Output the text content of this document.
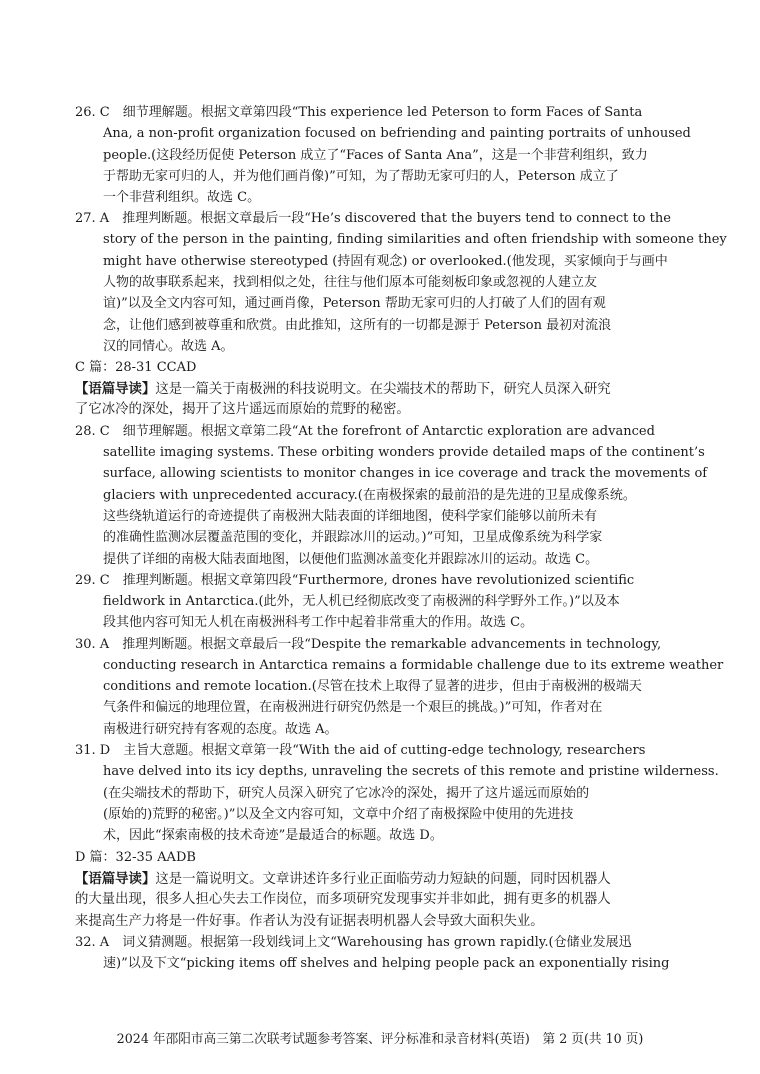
26. C　细节理解题。根据文章第四段“This experience led Peterson to form Faces of Santa
Ana, a non-profit organization focused on befriending and painting portraits of unhoused
people.(这段经历促使 Peterson 成立了“Faces of Santa Ana”，这是一个非营利组织，致力
于帮助无家可归的人，并为他们画肖像)”可知，为了帮助无家可归的人，Peterson 成立了
一个非营利组织。故选 C。
27. A　推理判断题。根据文章最后一段“He’s discovered that the buyers tend to connect to the
story of the person in the painting, finding similarities and often friendship with someone they
might have otherwise stereotyped (持固有观念) or overlooked.(他发现，买家倾向于与画中
人物的故事联系起来，找到相似之处，往往与他们原本可能刻板印象或忽视的人建立友
谊)”以及全文内容可知，通过画肖像，Peterson 帮助无家可归的人打破了人们的固有观
念，让他们感到被尊重和欣赏。由此推知，这所有的一切都是源于 Peterson 最初对流浪
汉的同情心。故选 A。
C 篇：28-31 CCAD
【语篇导读】这是一篇关于南极洲的科技说明文。在尖端技术的帮助下，研究人员深入研究
了它冰冷的深处，揭开了这片遥远而原始的荒野的秘密。
28. C　细节理解题。根据文章第二段“At the forefront of Antarctic exploration are advanced
satellite imaging systems. These orbiting wonders provide detailed maps of the continent’s
surface, allowing scientists to monitor changes in ice coverage and track the movements of
glaciers with unprecedented accuracy.(在南极探索的最前沿的是先进的卫星成像系统。
这些绕轨道运行的奇迹提供了南极洲大陆表面的详细地图，使科学家们能够以前所未有
的准确性监测冰层覆盖范围的变化，并跟踪冰川的运动。)”可知，卫星成像系统为科学家
提供了详细的南极大陆表面地图，以便他们监测冰盖变化并跟踪冰川的运动。故选 C。
29. C　推理判断题。根据文章第四段“Furthermore, drones have revolutionized scientific
fieldwork in Antarctica.(此外，无人机已经彻底改变了南极洲的科学野外工作。)”以及本
段其他内容可知无人机在南极洲科考工作中起着非常重大的作用。故选 C。
30. A　推理判断题。根据文章最后一段“Despite the remarkable advancements in technology,
conducting research in Antarctica remains a formidable challenge due to its extreme weather
conditions and remote location.(尽管在技术上取得了显著的进步，但由于南极洲的极端天
气条件和偏远的地理位置，在南极洲进行研究仍然是一个艰巨的挑战。)”可知，作者对在
南极进行研究持有客观的态度。故选 A。
31. D　主旨大意题。根据文章第一段“With the aid of cutting-edge technology, researchers
have delved into its icy depths, unraveling the secrets of this remote and pristine wilderness.
(在尖端技术的帮助下，研究人员深入研究了它冰冷的深处，揭开了这片遥远而原始的
(原始的)荒野的秘密。)”以及全文内容可知，文章中介绍了南极探险中使用的先进技
术，因此“探索南极的技术奇迹”是最适合的标题。故选 D。
D 篇：32-35 AADB
【语篇导读】这是一篇说明文。文章讲述许多行业正面临劳动力短缺的问题，同时因机器人
的大量出现，很多人担心失去工作岗位，而多项研究发现事实并非如此，拥有更多的机器人
来提高生产力将是一件好事。作者认为没有证据表明机器人会导致大面积失业。
32. A　词义猜测题。根据第一段划线词上文“Warehousing has grown rapidly.(仓储业发展迅
速)”以及下文“picking items off shelves and helping people pack an exponentially rising
2024 年邵阳市高三第二次联考试题参考答案、评分标准和录音材料(英语)　第 2 页(共 10 页)
